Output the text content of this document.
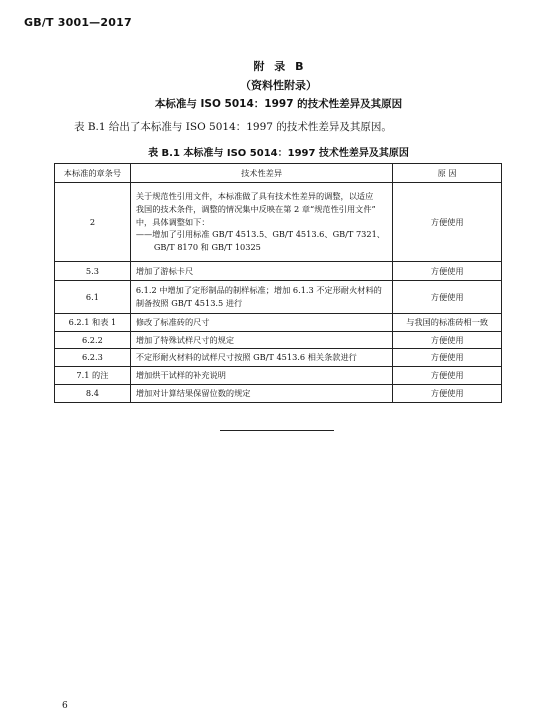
GB/T 3001—2017
附 录 B
（资料性附录）
本标准与 ISO 5014：1997 的技术性差异及其原因
表 B.1 给出了本标准与 ISO 5014：1997 的技术性差异及其原因。
表 B.1 本标准与 ISO 5014：1997 技术性差异及其原因
本标准的章条号	技术性差异	原 因
2	关于规范性引用文件，本标准做了具有技术性差异的调整，以适应
我国的技术条件，调整的情况集中反映在第 2 章“规范性引用文件”
中，具体调整如下：
——增加了引用标准 GB/T 4513.5、GB/T 4513.6、GB/T 7321、
GB/T 8170 和 GB/T 10325	方便使用
5.3	增加了游标卡尺	方便使用
6.1	6.1.2 中增加了定形制品的制样标准；增加 6.1.3 不定形耐火材料的
制备按照 GB/T 4513.5 进行	方便使用
6.2.1 和表 1	修改了标准砖的尺寸	与我国的标准砖相一致
6.2.2	增加了特殊试样尺寸的规定	方便使用
6.2.3	不定形耐火材料的试样尺寸按照 GB/T 4513.6 相关条款进行	方便使用
7.1 的注	增加烘干试样的补充说明	方便使用
8.4	增加对计算结果保留位数的规定	方便使用
6
